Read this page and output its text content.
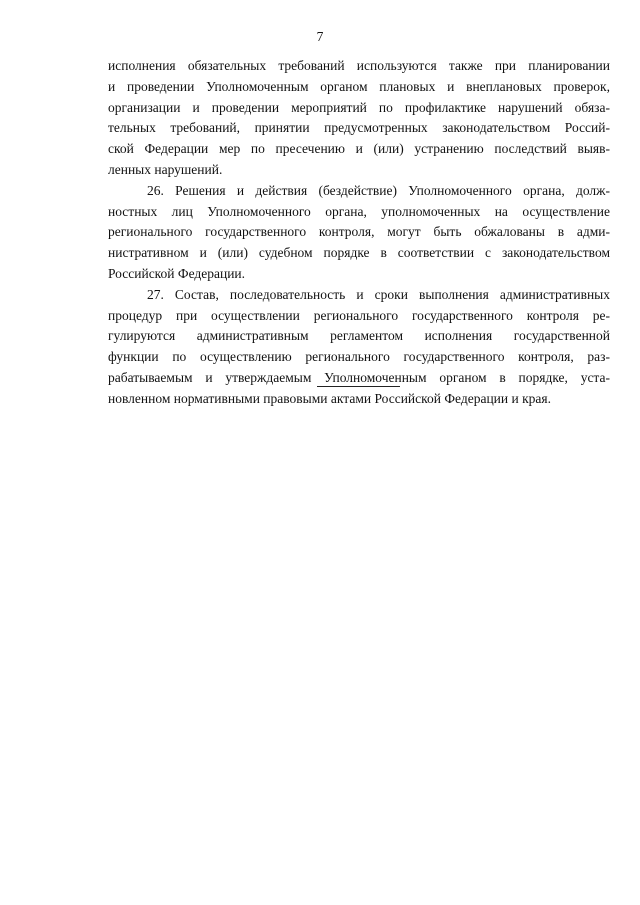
7
исполнения обязательных требований используются также при планировании
и проведении Уполномоченным органом плановых и внеплановых проверок,
организации и проведении мероприятий по профилактике нарушений обяза-
тельных требований, принятии предусмотренных законодательством Россий-
ской Федерации мер по пресечению и (или) устранению последствий выяв-
ленных нарушений.
26. Решения и действия (бездействие) Уполномоченного органа, долж-
ностных лиц Уполномоченного органа, уполномоченных на осуществление
регионального государственного контроля, могут быть обжалованы в адми-
нистративном и (или) судебном порядке в соответствии с законодательством
Российской Федерации.
27. Состав, последовательность и сроки выполнения административных
процедур при осуществлении регионального государственного контроля ре-
гулируются административным регламентом исполнения государственной
функции по осуществлению регионального государственного контроля, раз-
рабатываемым и утверждаемым Уполномоченным органом в порядке, уста-
новленном нормативными правовыми актами Российской Федерации и края.
